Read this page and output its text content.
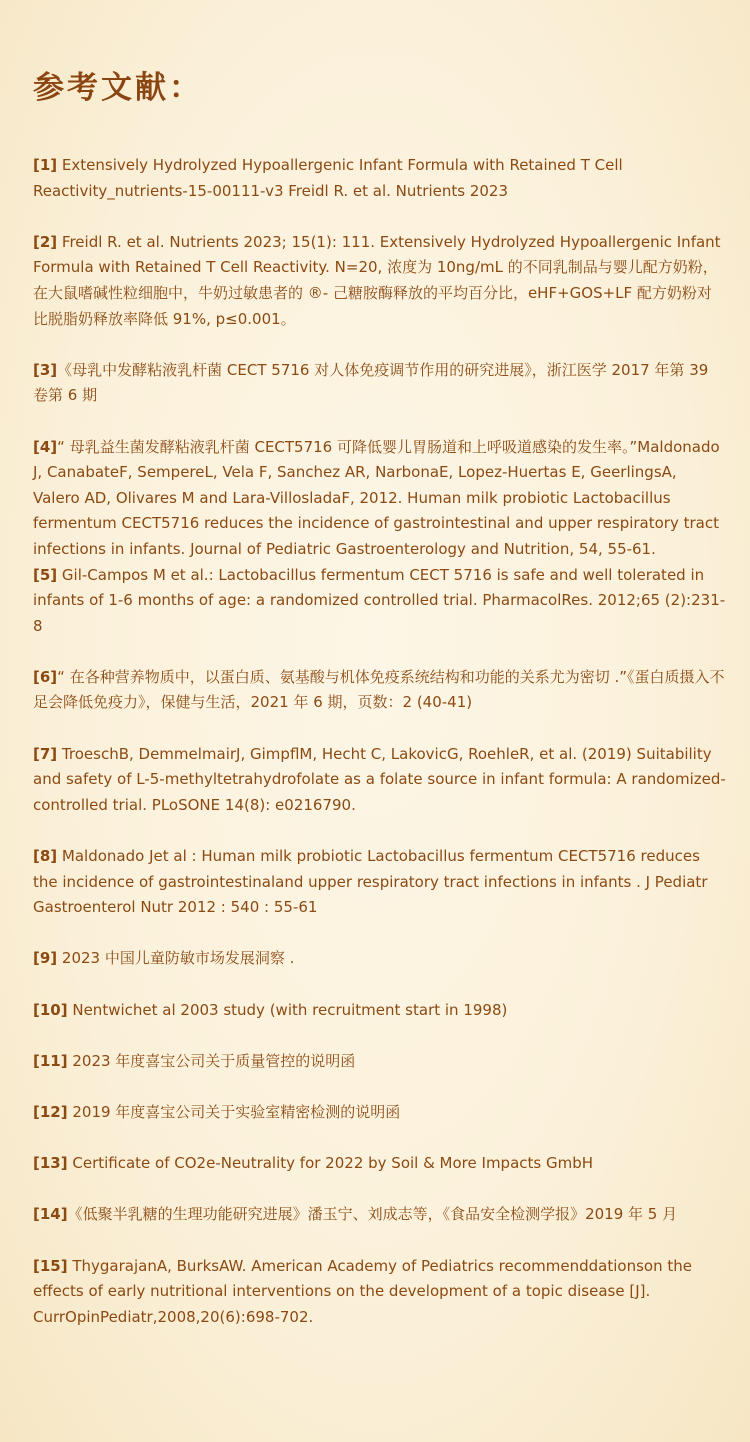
参考文献：
[1] Extensively Hydrolyzed Hypoallergenic Infant Formula with Retained T Cell Reactivity_nutrients-15-00111-v3 Freidl R. et al. Nutrients 2023
[2] Freidl R. et al. Nutrients 2023; 15(1): 111. Extensively Hydrolyzed Hypoallergenic Infant Formula with Retained T Cell Reactivity. N=20, 浓度为 10ng/mL 的不同乳制品与婴儿配方奶粉，在大鼠嗜碱性粒细胞中，牛奶过敏患者的 ®- 己糖胺酶释放的平均百分比，eHF+GOS+LF 配方奶粉对比脱脂奶释放率降低 91%, p≤0.001。
[3]《母乳中发酵粘液乳杆菌 CECT 5716 对人体免疫调节作用的研究进展》，浙江医学 2017 年第 39 卷第 6 期
[4]“ 母乳益生菌发酵粘液乳杆菌 CECT5716 可降低婴儿胃肠道和上呼吸道感染的发生率。”Maldonado J, CanabateF, SempereL, Vela F, Sanchez AR, NarbonaE, Lopez-Huertas E, GeerlingsA, Valero AD, Olivares M and Lara-VillosladaF, 2012. Human milk probiotic Lactobacillus fermentum CECT5716 reduces the incidence of gastrointestinal and upper respiratory tract infections in infants. Journal of Pediatric Gastroenterology and Nutrition, 54, 55-61.
[5] Gil-Campos M et al.: Lactobacillus fermentum CECT 5716 is safe and well tolerated in infants of 1-6 months of age: a randomized controlled trial. PharmacolRes. 2012;65 (2):231-8
[6]“ 在各种营养物质中，以蛋白质、氨基酸与机体免疫系统结构和功能的关系尤为密切 .”《蛋白质摄入不足会降低免疫力》，保健与生活，2021 年 6 期，页数：2 (40-41)
[7] TroeschB, DemmelmairJ, GimpflM, Hecht C, LakovicG, RoehleR, et al. (2019) Suitability and safety of L-5-methyltetrahydrofolate as a folate source in infant formula: A randomized-controlled trial. PLoSONE 14(8): e0216790.
[8] Maldonado Jet al : Human milk probiotic Lactobacillus fermentum CECT5716 reduces the incidence of gastrointestinaland upper respiratory tract infections in infants . J Pediatr Gastroenterol Nutr 2012 : 540 : 55-61
[9] 2023 中国儿童防敏市场发展洞察 .
[10] Nentwichet al 2003 study (with recruitment start in 1998)
[11] 2023 年度喜宝公司关于质量管控的说明函
[12] 2019 年度喜宝公司关于实验室精密检测的说明函
[13] Certificate of CO2e-Neutrality for 2022 by Soil & More Impacts GmbH
[14]《低聚半乳糖的生理功能研究进展》潘玉宁、刘成志等，《食品安全检测学报》2019 年 5 月
[15] ThygarajanA, BurksAW. American Academy of Pediatrics recommenddationson the effects of early nutritional interventions on the development of a topic disease [J]. CurrOpinPediatr,2008,20(6):698-702.
